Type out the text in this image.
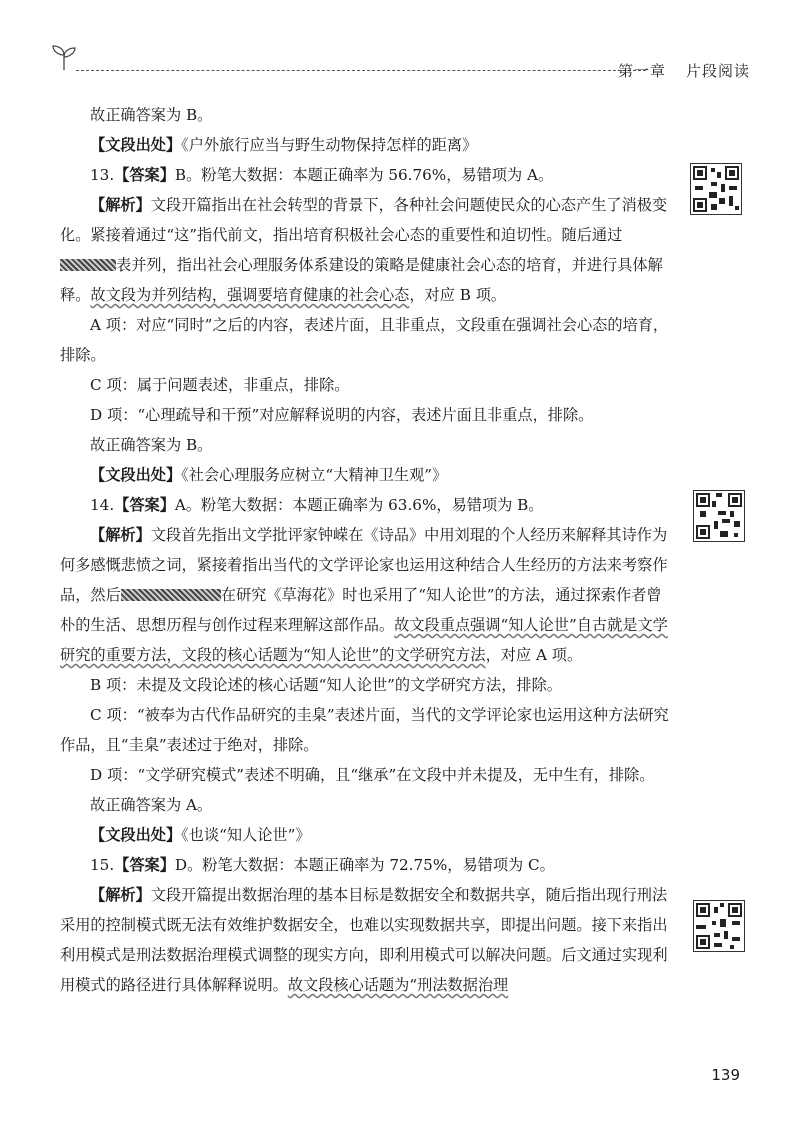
第一章 片段阅读

故正确答案为 B。

【文段出处】《户外旅行应当与野生动物保持怎样的距离》

13.【答案】B。粉笔大数据：本题正确率为 56.76%，易错项为 A。

【解析】文段开篇指出在社会转型的背景下，各种社会问题使民众的心态产生了消极变化。紧接着通过“这”指代前文，指出培育积极社会心态的重要性和迫切性。随后通过表并列，指出社会心理服务体系建设的策略是健康社会心态的培育，并进行具体解释。故文段为并列结构，强调要培育健康的社会心态，对应 B 项。

A 项：对应“同时”之后的内容，表述片面，且非重点，文段重在强调社会心态的培育，排除。

C 项：属于问题表述，非重点，排除。

D 项：“心理疏导和干预”对应解释说明的内容，表述片面且非重点，排除。

故正确答案为 B。

【文段出处】《社会心理服务应树立“大精神卫生观”》

14.【答案】A。粉笔大数据：本题正确率为 63.6%，易错项为 B。

【解析】文段首先指出文学批评家钟嵘在《诗品》中用刘琨的个人经历来解释其诗作为何多感慨悲愤之词，紧接着指出当代的文学评论家也运用这种结合人生经历的方法来考察作品，然后	在研究《草海花》时也采用了“知人论世”的方法，通过探索作者曾朴的生活、思想历程与创作过程来理解这部作品。故文段重点强调“知人论世”自古就是文学研究的重要方法，文段的核心话题为“知人论世”的文学研究方法，对应 A 项。

B 项：未提及文段论述的核心话题“知人论世”的文学研究方法，排除。

C 项：“被奉为古代作品研究的圭臬”表述片面，当代的文学评论家也运用这种方法研究作品，且“圭臬”表述过于绝对，排除。

D 项：“文学研究模式”表述不明确，且“继承”在文段中并未提及，无中生有，排除。

故正确答案为 A。

【文段出处】《也谈“知人论世”》

15.【答案】D。粉笔大数据：本题正确率为 72.75%，易错项为 C。

【解析】文段开篇提出数据治理的基本目标是数据安全和数据共享，随后指出现行刑法采用的控制模式既无法有效维护数据安全，也难以实现数据共享，即提出问题。接下来指出利用模式是刑法数据治理模式调整的现实方向，即利用模式可以解决问题。后文通过实现利用模式的路径进行具体解释说明。故文段核心话题为“刑法数据治理

139
